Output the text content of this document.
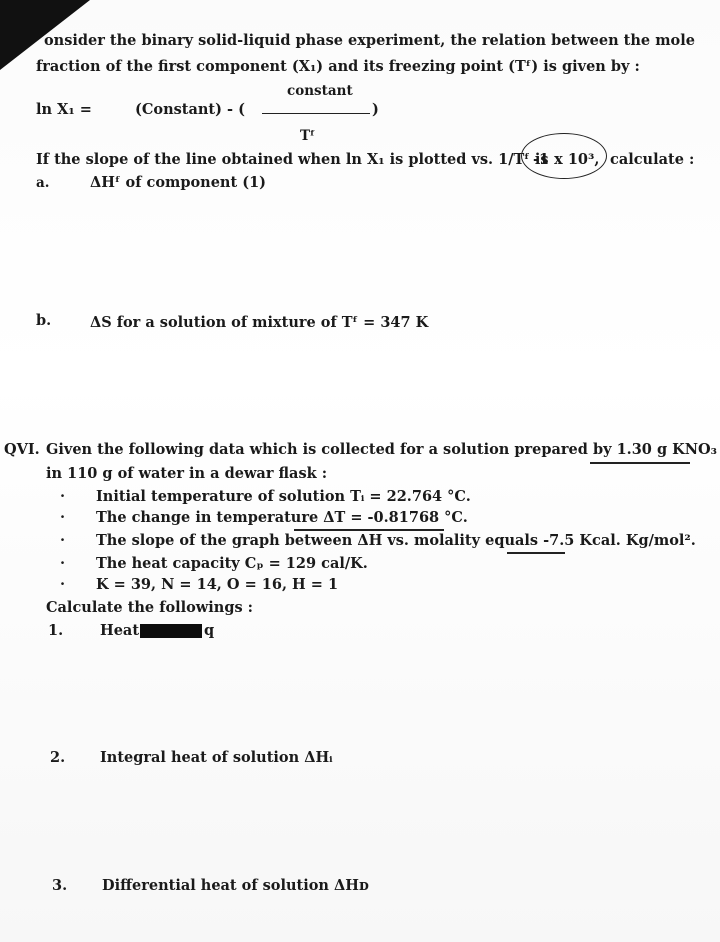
onsider the binary solid-liquid phase experiment, the relation between the mole
fraction of the first component (X₁) and its freezing point (Tᶠ) is given by :
constant
ln X₁ =	(Constant) - (	)
Tᶠ
If the slope of the line obtained when ln X₁ is plotted vs. 1/Tᶠ is
-1 x 10³, calculate :
a.	ΔHᶠ of component (1)
b.	ΔS for a solution of mixture of Tᶠ = 347 K
QVI. Given the following data which is collected for a solution prepared by 1.30 g KNO₃
in 110 g of water in a dewar flask :
· Initial temperature of solution Tᵢ = 22.764 °C.
· The change in temperature ΔT = -0.81768 °C.
· The slope of the graph between ΔH vs. molality equals -7.5 Kcal. Kg/mol².
· The heat capacity Cₚ = 129 cal/K.
· K = 39, N = 14, O = 16, H = 1
Calculate the followings :
1.	Heat	q
2. Integral heat of solution ΔHᵢ
3. Differential heat of solution ΔHᴅ
